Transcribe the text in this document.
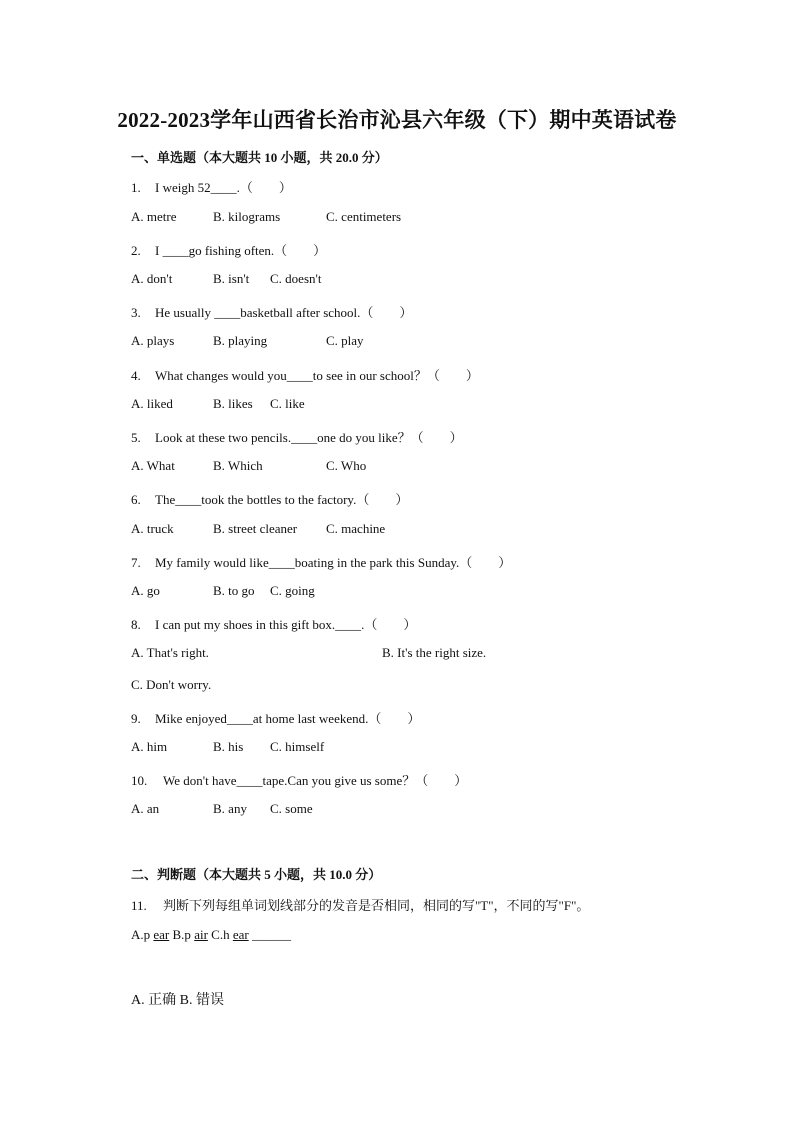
2022-2023学年山西省长治市沁县六年级（下）期中英语试卷
一、单选题（本大题共 10 小题，共 20.0 分）
1. I weigh 52____.（　　）
A. metre	B. kilograms	C. centimeters
2. I ____go fishing often.（　　）
A. don't	B. isn't C. doesn't
3. He usually ____basketball after school.（　　）
A. plays	B. playing	C. play
4. What changes would you____to see in our school？（　　）
A. liked	B. likes C. like
5. Look at these two pencils.____one do you like？（　　）
A. What	B. Which	C. Who
6. The____took the bottles to the factory.（　　）
A. truck	B. street cleaner C. machine
7. My family would like____boating in the park this Sunday.（　　）
A. go	B. to go C. going
8. I can put my shoes in this gift box.____.（　　）
A. That's right.	B. It's the right size.
C. Don't worry.
9. Mike enjoyed____at home last weekend.（　　）
A. him	B. his C. himself
10. We don't have____tape.Can you give us some？（　　）
A. an	B. any C. some
二、判断题（本大题共 5 小题，共 10.0 分）
11. 判断下列每组单词划线部分的发音是否相同，相同的写"T"，不同的写"F"。
A.p ear B.p air C.h ear ______
A. 正确 B. 错误
